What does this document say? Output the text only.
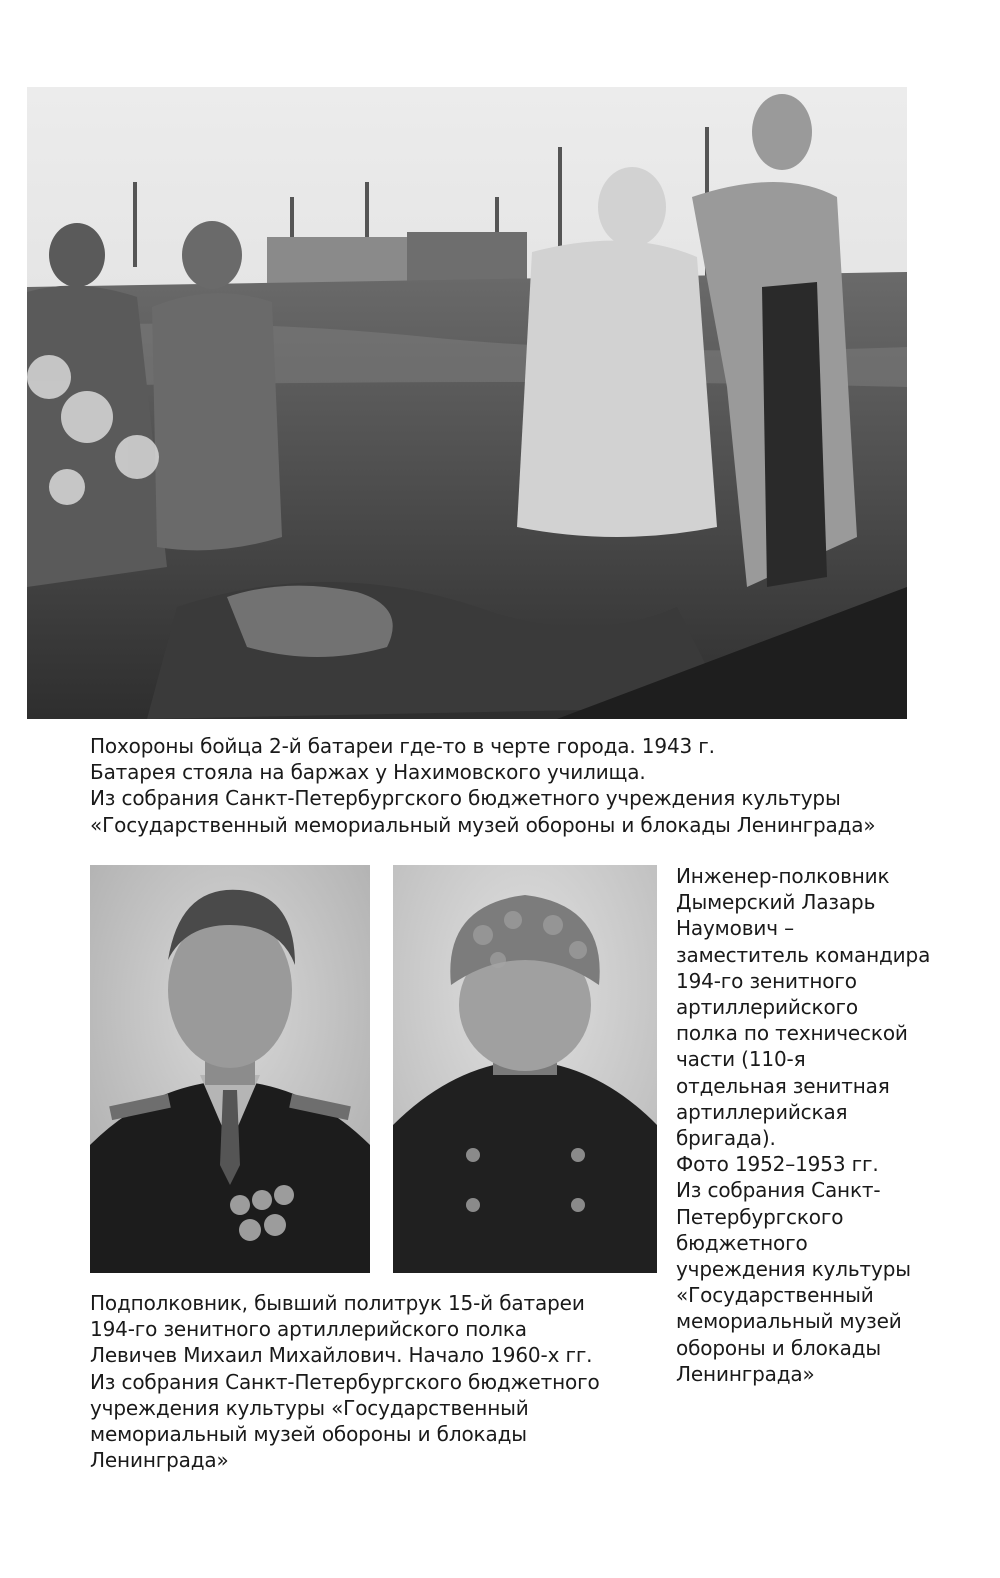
Похороны бойца 2-й батареи где-то в черте города. 1943 г.
Батарея стояла на баржах у Нахимовского училища.
Из собрания Санкт-Петербургского бюджетного учреждения культуры
«Государственный мемориальный музей обороны и блокады Ленинграда»

Подполковник, бывший политрук 15-й батареи
194-го зенитного артиллерийского полка
Левичев Михаил Михайлович. Начало 1960-х гг.
Из собрания Санкт-Петербургского бюджетного
учреждения культуры «Государственный
мемориальный музей обороны и блокады
Ленинграда»

Инженер-полковник
Дымерский Лазарь
Наумович –
заместитель командира
194-го зенитного
артиллерийского
полка по технической
части (110-я
отдельная зенитная
артиллерийская
бригада).
Фото 1952–1953 гг.
Из собрания Санкт-
Петербургского
бюджетного
учреждения культуры
«Государственный
мемориальный музей
обороны и блокады
Ленинграда»
